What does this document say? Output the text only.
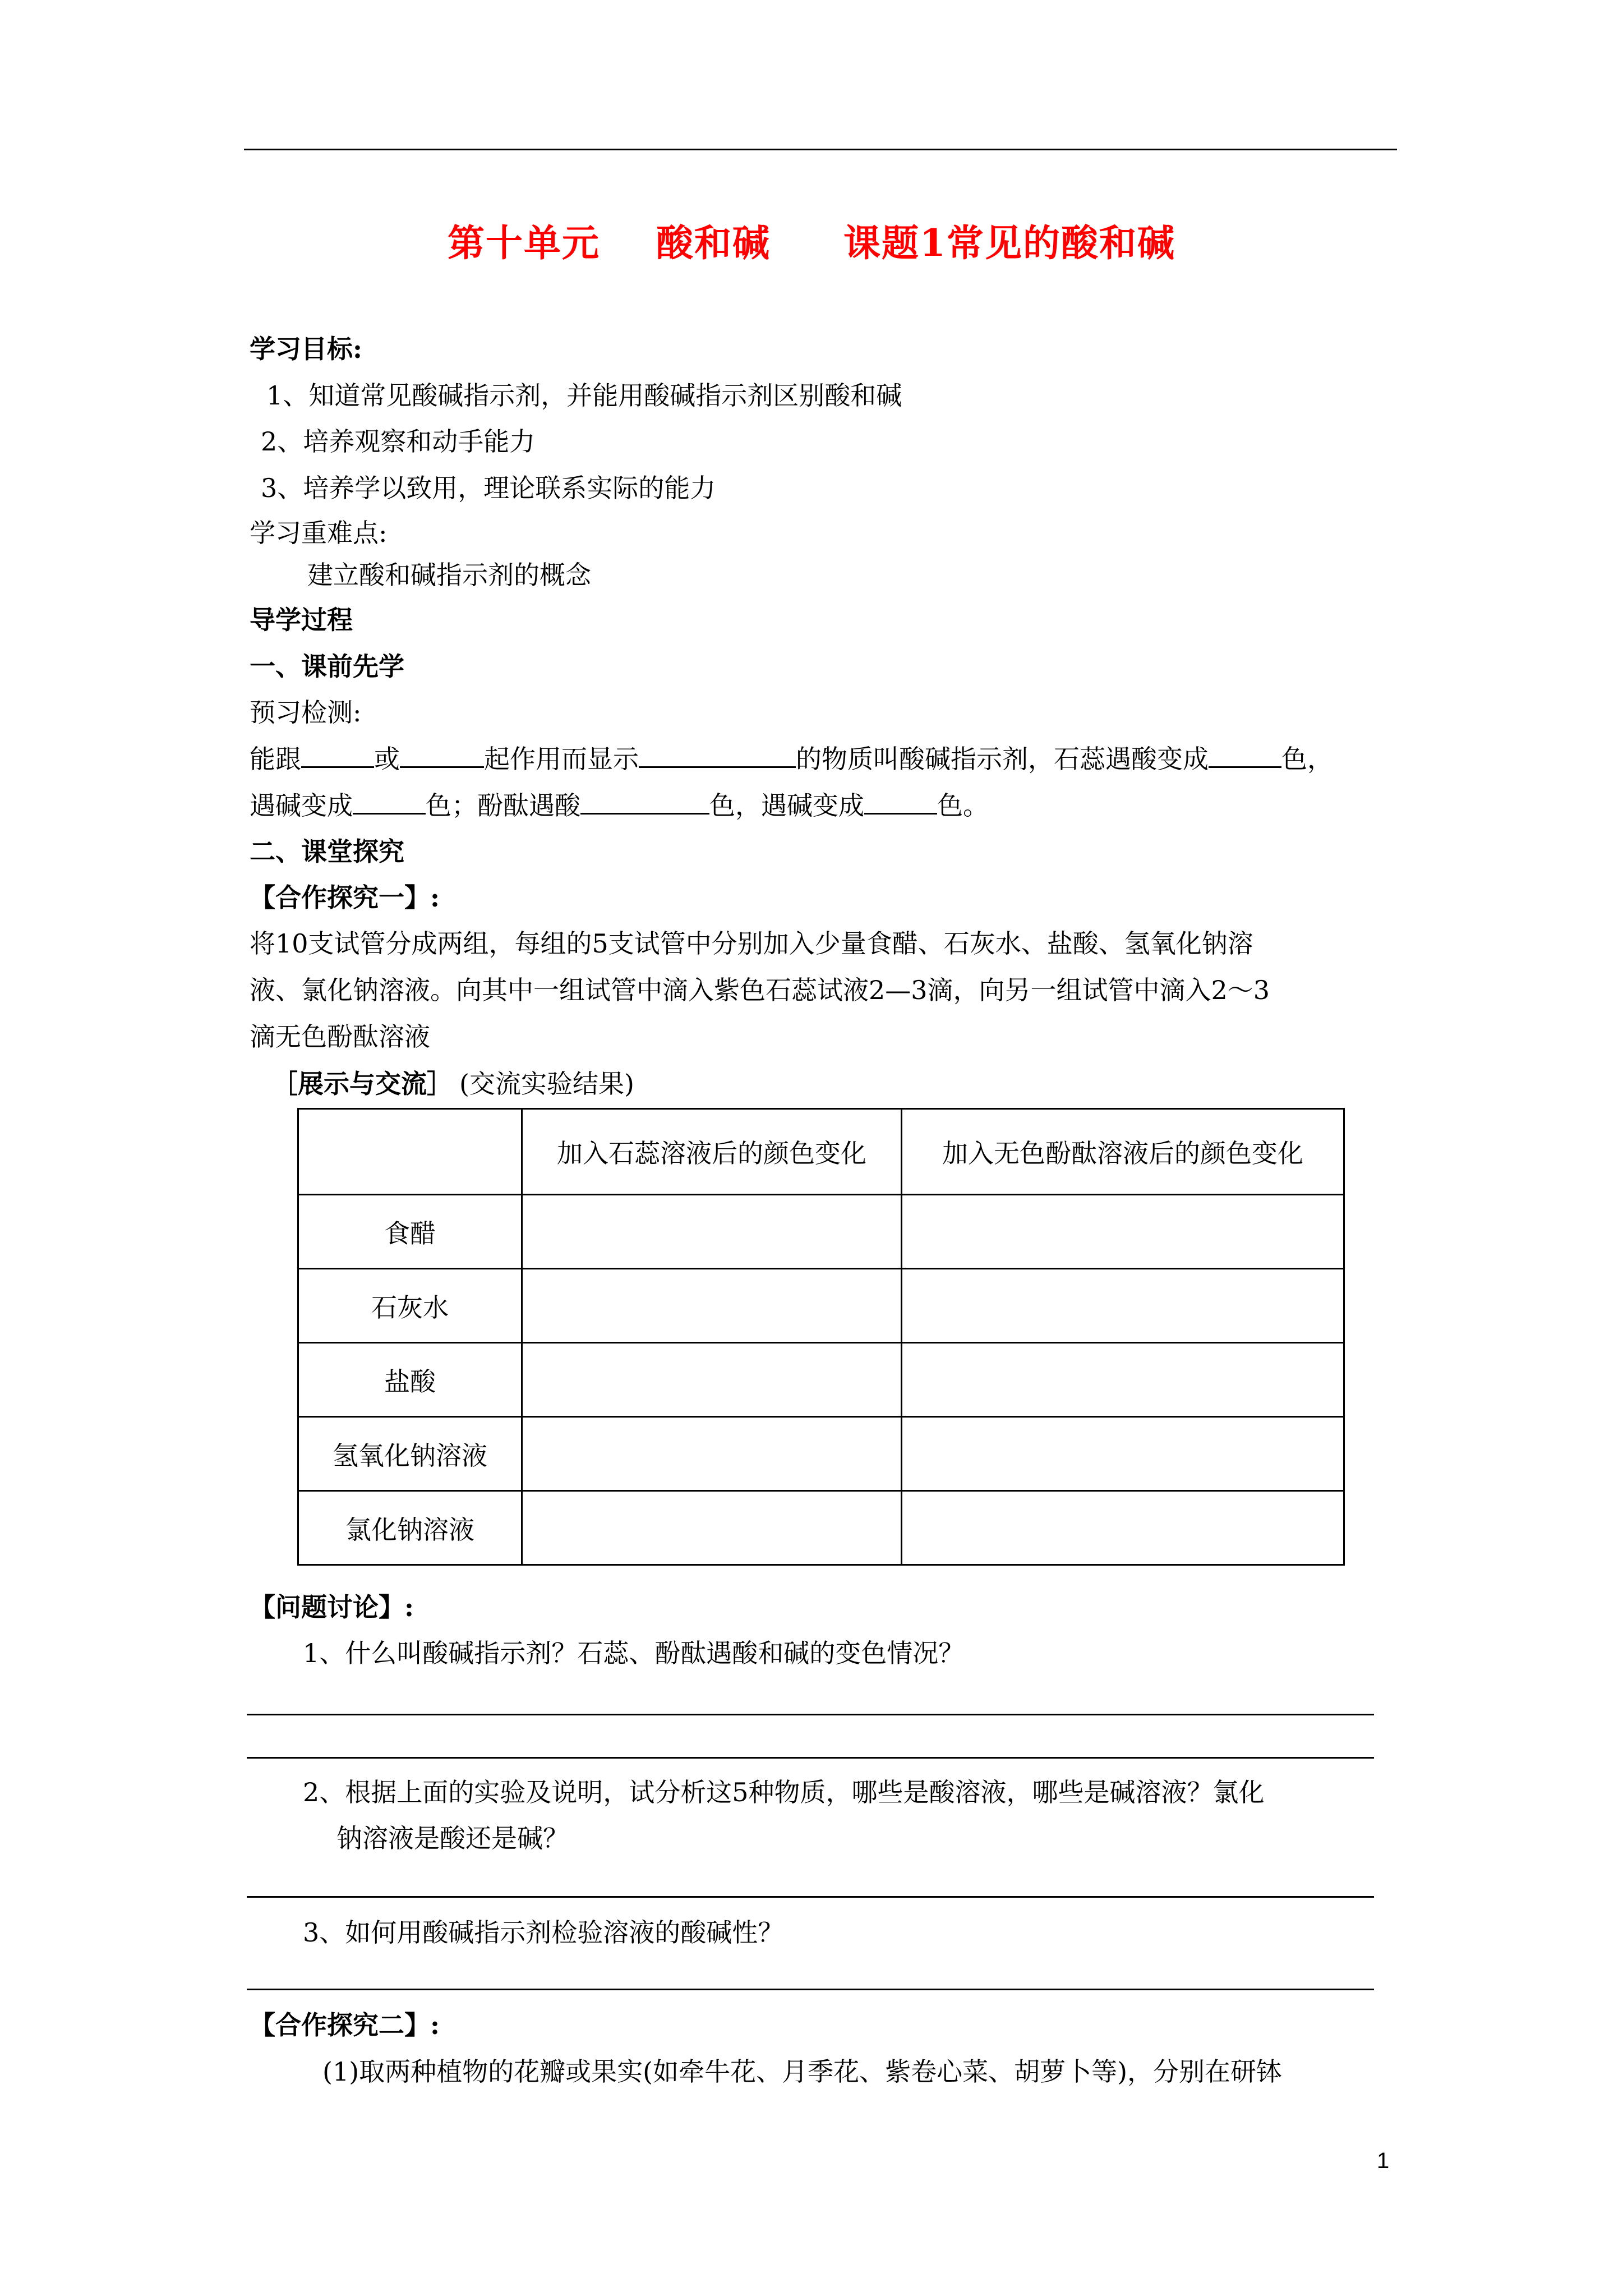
第十单元 酸和碱 课题1常见的酸和碱
学习目标:
1、知道常见酸碱指示剂，并能用酸碱指示剂区别酸和碱
2、培养观察和动手能力
3、培养学以致用，理论联系实际的能力
学习重难点:
建立酸和碱指示剂的概念
导学过程
一、课前先学
预习检测:
能跟	或	起作用而显示	的物质叫酸碱指示剂，石蕊遇酸变成	色，
遇碱变成	色；酚酞遇酸	色，遇碱变成	色。
二、课堂探究
【合作探究一】:
将10支试管分成两组，每组的5支试管中分别加入少量食醋、石灰水、盐酸、氢氧化钠溶
液、氯化钠溶液。向其中一组试管中滴入紫色石蕊试液2—3滴，向另一组试管中滴入2～3
滴无色酚酞溶液
［展示与交流］ (交流实验结果)
	加入石蕊溶液后的颜色变化	加入无色酚酞溶液后的颜色变化
食醋		
石灰水		
盐酸		
氢氧化钠溶液		
氯化钠溶液		
【问题讨论】:
1、什么叫酸碱指示剂？石蕊、酚酞遇酸和碱的变色情况？
2、根据上面的实验及说明，试分析这5种物质，哪些是酸溶液，哪些是碱溶液？氯化
钠溶液是酸还是碱？
3、如何用酸碱指示剂检验溶液的酸碱性？
【合作探究二】:
(1)取两种植物的花瓣或果实(如牵牛花、月季花、紫卷心菜、胡萝卜等)，分别在研钵
1
